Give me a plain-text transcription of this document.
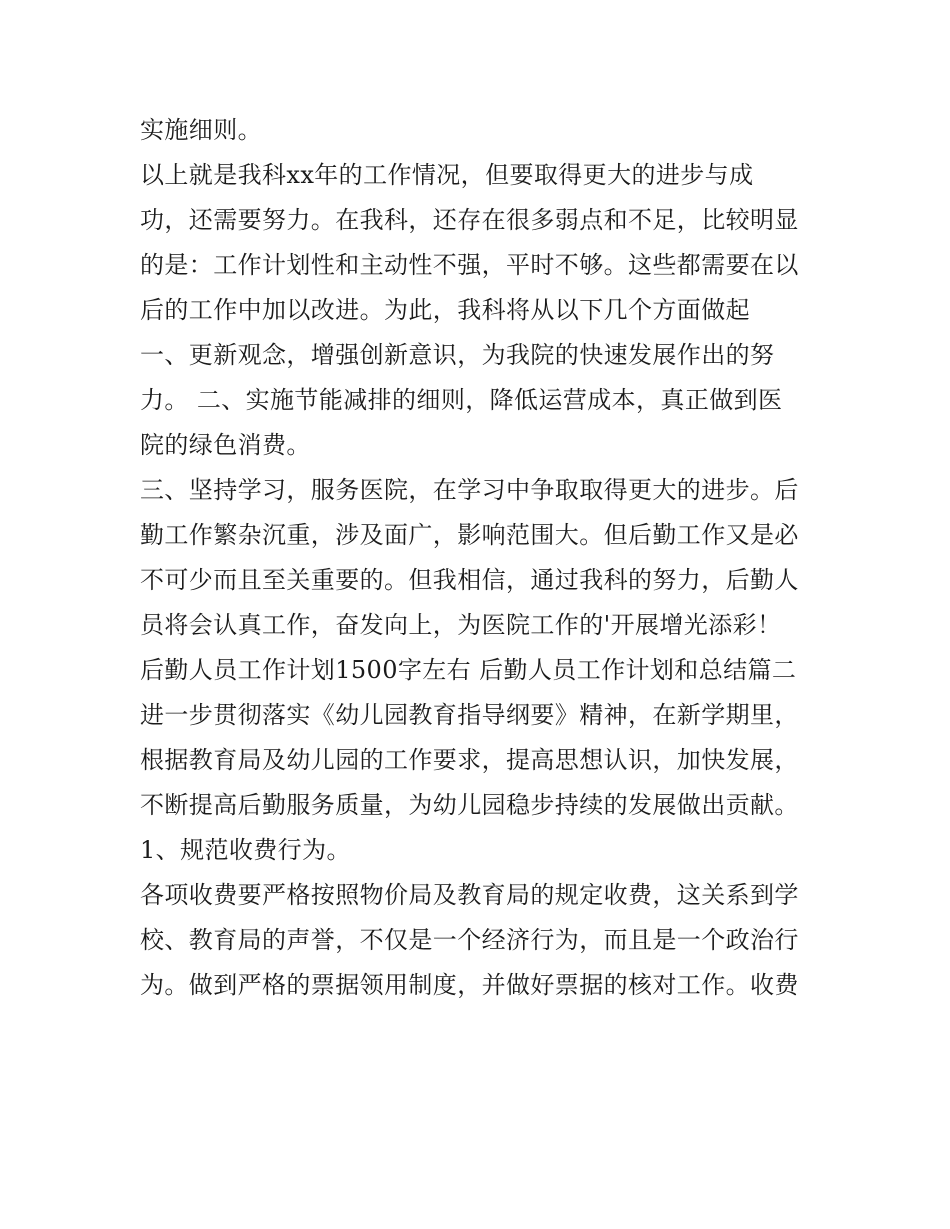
实施细则。
以上就是我科xx年的工作情况，但要取得更大的进步与成
功，还需要努力。在我科，还存在很多弱点和不足，比较明显
的是：工作计划性和主动性不强，平时不够。这些都需要在以
后的工作中加以改进。为此，我科将从以下几个方面做起
一、更新观念，增强创新意识，为我院的快速发展作出的努
力。 二、实施节能减排的细则，降低运营成本，真正做到医
院的绿色消费。
三、坚持学习，服务医院，在学习中争取取得更大的进步。后
勤工作繁杂沉重，涉及面广，影响范围大。但后勤工作又是必
不可少而且至关重要的。但我相信，通过我科的努力，后勤人
员将会认真工作，奋发向上，为医院工作的'开展增光添彩！
后勤人员工作计划1500字左右 后勤人员工作计划和总结篇二
进一步贯彻落实《幼儿园教育指导纲要》精神，在新学期里，
根据教育局及幼儿园的工作要求，提高思想认识，加快发展，
不断提高后勤服务质量，为幼儿园稳步持续的发展做出贡献。
1、规范收费行为。
各项收费要严格按照物价局及教育局的规定收费，这关系到学
校、教育局的声誉，不仅是一个经济行为，而且是一个政治行
为。做到严格的票据领用制度，并做好票据的核对工作。收费
